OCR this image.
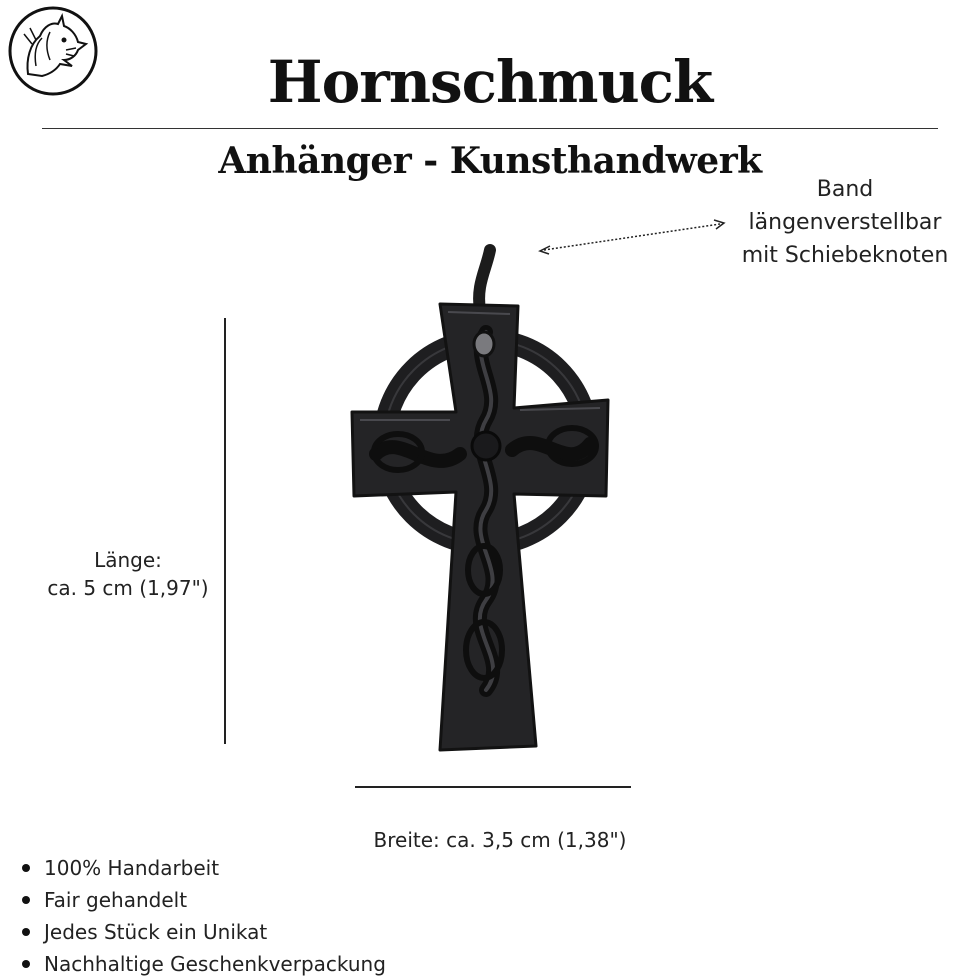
Hornschmuck
Anhänger - Kunsthandwerk
Band
längenverstellbar
mit Schiebeknoten
Länge:
ca. 5 cm (1,97")
Breite: ca. 3,5 cm (1,38")
100% Handarbeit
Fair gehandelt
Jedes Stück ein Unikat
Nachhaltige Geschenkverpackung
